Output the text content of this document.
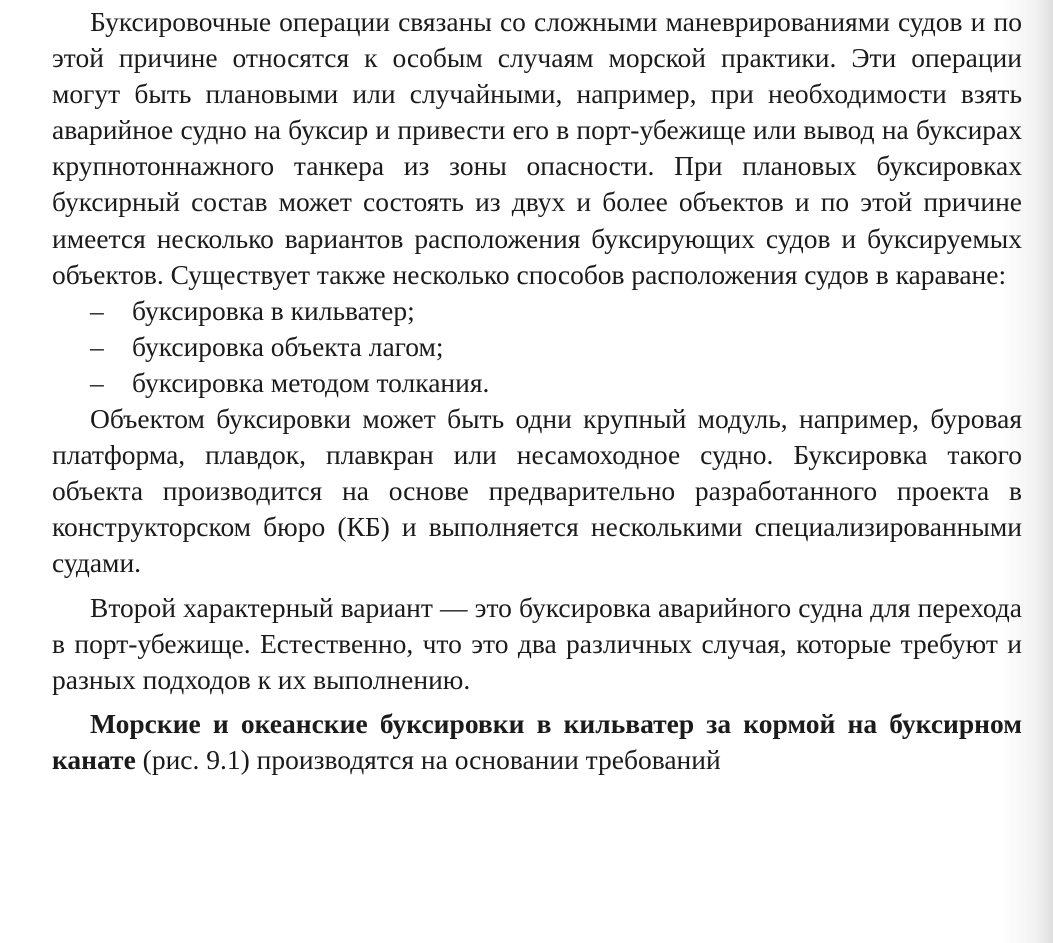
Буксировочные операции связаны со сложными маневрированиями судов и по этой причине относятся к особым случаям морской практики. Эти операции могут быть плановыми или случайными, например, при необходимости взять аварийное судно на буксир и привести его в порт-убежище или вывод на буксирах крупнотоннажного танкера из зоны опасности. При плановых буксировках буксирный состав может состоять из двух и более объектов и по этой причине имеется несколько вариантов расположения буксирующих судов и буксируемых объектов. Существует также несколько способов расположения судов в караване:

– буксировка в кильватер;
– буксировка объекта лагом;
– буксировка методом толкания.

Объектом буксировки может быть одни крупный модуль, например, буровая платформа, плавдок, плавкран или несамоходное судно. Буксировка такого объекта производится на основе предварительно разработанного проекта в конструкторском бюро (КБ) и выполняется несколькими специализированными судами.

Второй характерный вариант — это буксировка аварийного судна для перехода в порт-убежище. Естественно, что это два различных случая, которые требуют и разных подходов к их выполнению.

Морские и океанские буксировки в кильватер за кормой на буксирном канате (рис. 9.1) производятся на основании требований
